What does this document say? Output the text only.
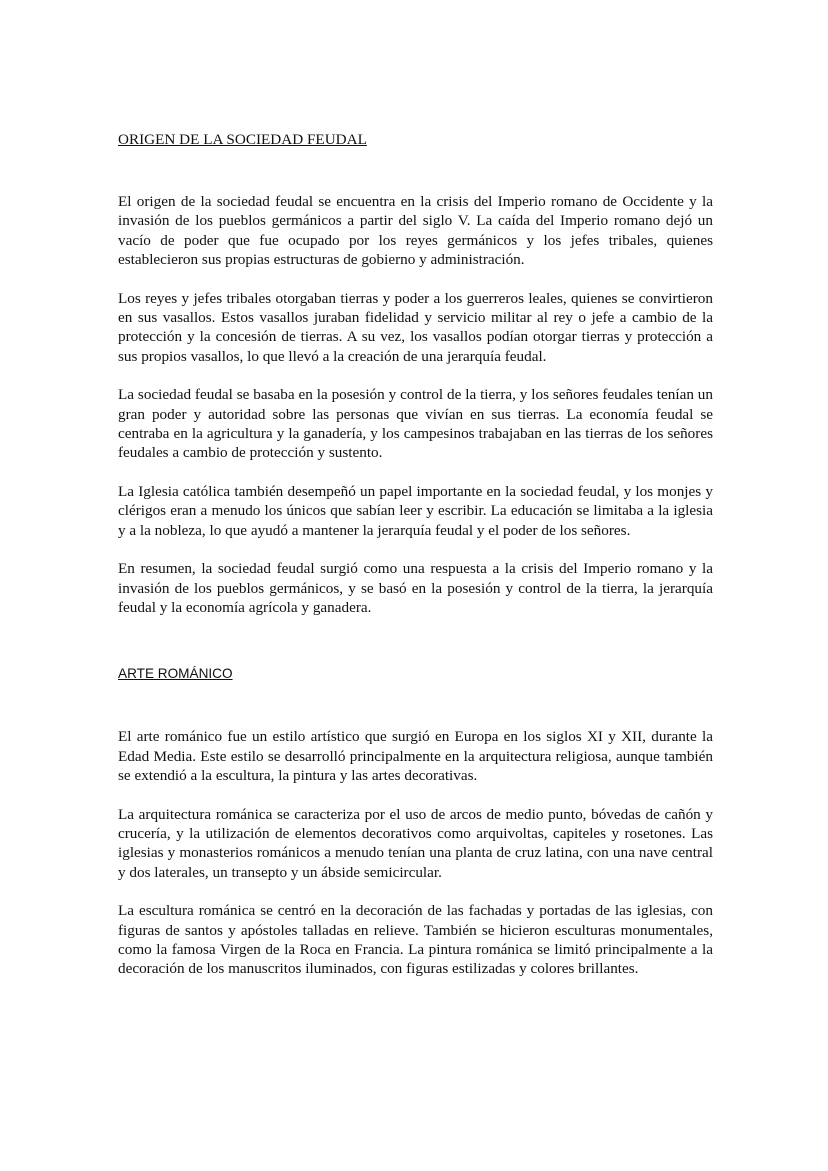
ORIGEN DE LA SOCIEDAD FEUDAL

El origen de la sociedad feudal se encuentra en la crisis del Imperio romano de Occidente y la invasión de los pueblos germánicos a partir del siglo V. La caída del Imperio romano dejó un vacío de poder que fue ocupado por los reyes germánicos y los jefes tribales, quienes establecieron sus propias estructuras de gobierno y administración.

Los reyes y jefes tribales otorgaban tierras y poder a los guerreros leales, quienes se convirtieron en sus vasallos. Estos vasallos juraban fidelidad y servicio militar al rey o jefe a cambio de la protección y la concesión de tierras. A su vez, los vasallos podían otorgar tierras y protección a sus propios vasallos, lo que llevó a la creación de una jerarquía feudal.

La sociedad feudal se basaba en la posesión y control de la tierra, y los señores feudales tenían un gran poder y autoridad sobre las personas que vivían en sus tierras. La economía feudal se centraba en la agricultura y la ganadería, y los campesinos trabajaban en las tierras de los señores feudales a cambio de protección y sustento.

La Iglesia católica también desempeñó un papel importante en la sociedad feudal, y los monjes y clérigos eran a menudo los únicos que sabían leer y escribir. La educación se limitaba a la iglesia y a la nobleza, lo que ayudó a mantener la jerarquía feudal y el poder de los señores.

En resumen, la sociedad feudal surgió como una respuesta a la crisis del Imperio romano y la invasión de los pueblos germánicos, y se basó en la posesión y control de la tierra, la jerarquía feudal y la economía agrícola y ganadera.

ARTE ROMÁNICO

El arte románico fue un estilo artístico que surgió en Europa en los siglos XI y XII, durante la Edad Media. Este estilo se desarrolló principalmente en la arquitectura religiosa, aunque también se extendió a la escultura, la pintura y las artes decorativas.

La arquitectura románica se caracteriza por el uso de arcos de medio punto, bóvedas de cañón y crucería, y la utilización de elementos decorativos como arquivoltas, capiteles y rosetones. Las iglesias y monasterios románicos a menudo tenían una planta de cruz latina, con una nave central y dos laterales, un transepto y un ábside semicircular.

La escultura románica se centró en la decoración de las fachadas y portadas de las iglesias, con figuras de santos y apóstoles talladas en relieve. También se hicieron esculturas monumentales, como la famosa Virgen de la Roca en Francia. La pintura románica se limitó principalmente a la decoración de los manuscritos iluminados, con figuras estilizadas y colores brillantes.
